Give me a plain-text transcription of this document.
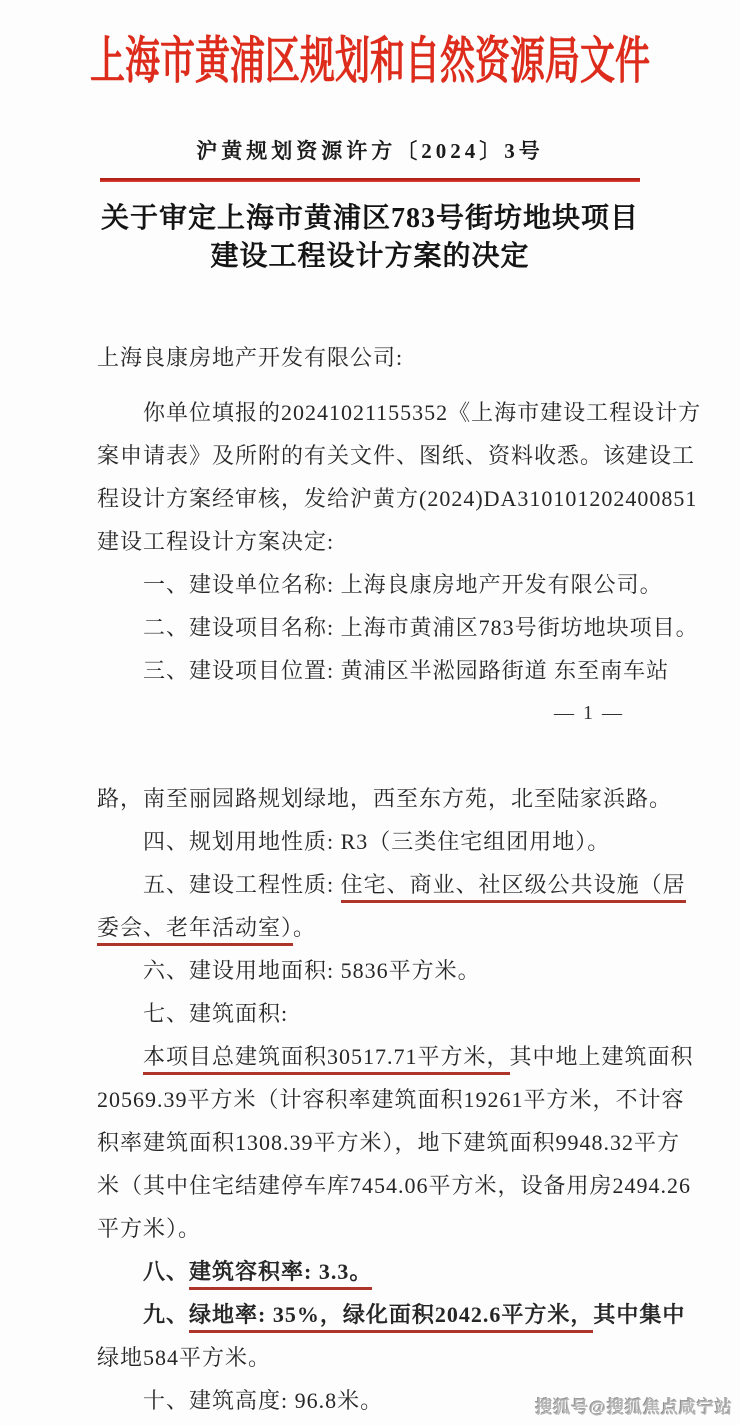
上海市黄浦区规划和自然资源局文件
沪黄规划资源许方〔2024〕3号
关于审定上海市黄浦区783号街坊地块项目
建设工程设计方案的决定
上海良康房地产开发有限公司:
你单位填报的20241021155352《上海市建设工程设计方
案申请表》及所附的有关文件、图纸、资料收悉。该建设工
程设计方案经审核，发给沪黄方(2024)DA310101202400851
建设工程设计方案决定:
一、建设单位名称: 上海良康房地产开发有限公司。
二、建设项目名称: 上海市黄浦区783号街坊地块项目。
三、建设项目位置: 黄浦区半淞园路街道 东至南车站
— 1 —
路，南至丽园路规划绿地，西至东方苑，北至陆家浜路。
四、规划用地性质: R3（三类住宅组团用地）。
五、建设工程性质: 住宅、商业、社区级公共设施（居
委会、老年活动室）。
六、建设用地面积: 5836平方米。
七、建筑面积:
本项目总建筑面积30517.71平方米，其中地上建筑面积
20569.39平方米（计容积率建筑面积19261平方米，不计容
积率建筑面积1308.39平方米），地下建筑面积9948.32平方
米（其中住宅结建停车库7454.06平方米，设备用房2494.26
平方米）。
八、建筑容积率: 3.3。
九、绿地率: 35%，绿化面积2042.6平方米，其中集中
绿地584平方米。
十、建筑高度: 96.8米。	搜狐号@搜狐焦点咸宁站
